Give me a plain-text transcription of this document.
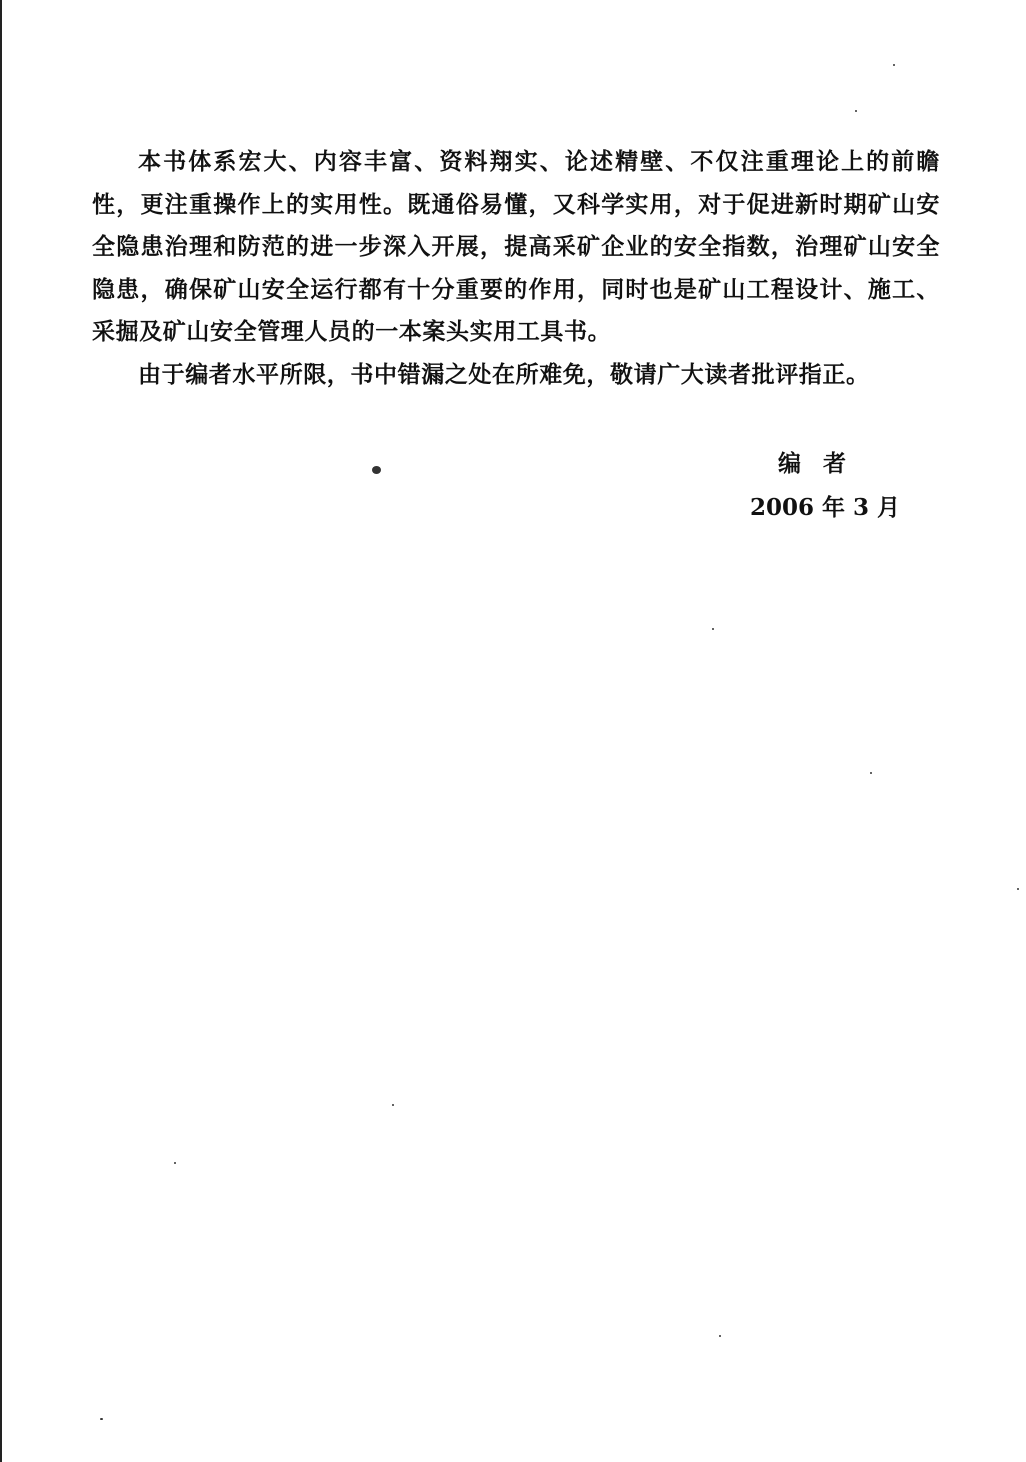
本书体系宏大、内容丰富、资料翔实、论述精壁、不仅注重理论上的前瞻性，更注重操作上的实用性。既通俗易懂，又科学实用，对于促进新时期矿山安全隐患治理和防范的进一步深入开展，提高采矿企业的安全指数，治理矿山安全隐患，确保矿山安全运行都有十分重要的作用，同时也是矿山工程设计、施工、采掘及矿山安全管理人员的一本案头实用工具书。

由于编者水平所限，书中错漏之处在所难免，敬请广大读者批评指正。

编者
2006 年 3 月
